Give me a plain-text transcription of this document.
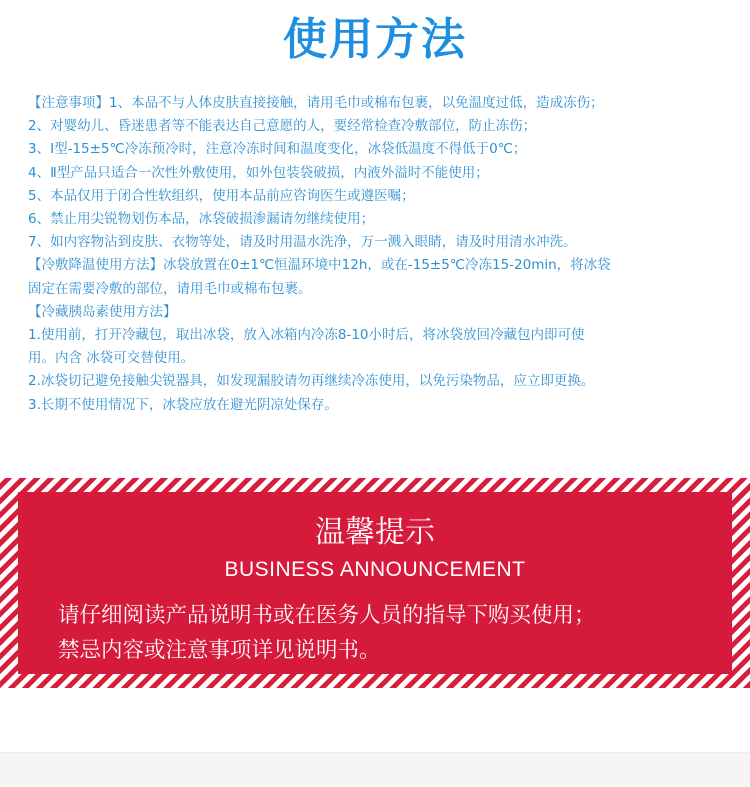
使用方法
【注意事项】1、本品不与人体皮肤直接接触，请用毛巾或棉布包裹，以免温度过低，造成冻伤；
2、对婴幼儿、昏迷患者等不能表达自己意愿的人，要经常检查冷敷部位，防止冻伤；
3、Ⅰ型-15±5℃冷冻预冷时，注意冷冻时间和温度变化，冰袋低温度不得低于0℃；
4、Ⅱ型产品只适合一次性外敷使用，如外包装袋破损，内液外溢时不能使用；
5、本品仅用于闭合性软组织，使用本品前应咨询医生或遵医嘱；
6、禁止用尖锐物划伤本品，冰袋破损渗漏请勿继续使用；
7、如内容物沾到皮肤、衣物等处，请及时用温水洗净，万一溅入眼睛，请及时用清水冲洗。
【冷敷降温使用方法】冰袋放置在0±1℃恒温环境中12h，或在-15±5℃冷冻15-20min，将冰袋
固定在需要冷敷的部位，请用毛巾或棉布包裹。
【冷藏胰岛素使用方法】
1.使用前，打开冷藏包，取出冰袋，放入冰箱内冷冻8-10小时后，将冰袋放回冷藏包内即可使
用。内含 冰袋可交替使用。
2.冰袋切记避免接触尖锐器具，如发现漏胶请勿再继续冷冻使用，以免污染物品，应立即更换。
3.长期不使用情况下，冰袋应放在避光阴凉处保存。
温馨提示
BUSINESS ANNOUNCEMENT
请仔细阅读产品说明书或在医务人员的指导下购买使用；
禁忌内容或注意事项详见说明书。
